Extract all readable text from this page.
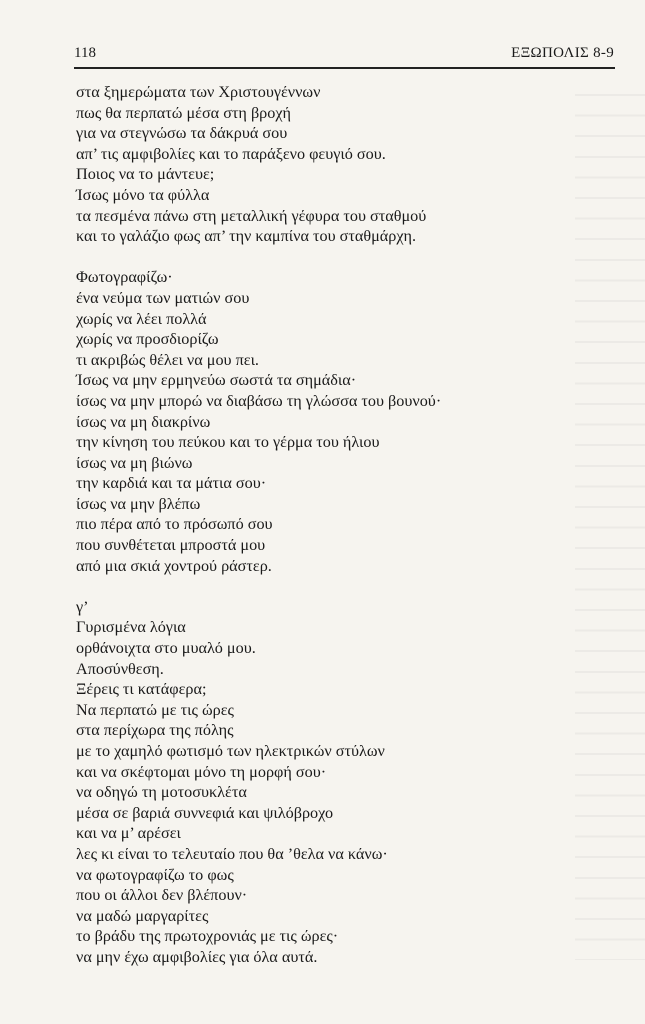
118	ΕΞΩΠΟΛΙΣ 8-9
στα ξημερώματα των Χριστουγέννων
πως θα περπατώ μέσα στη βροχή
για να στεγνώσω τα δάκρυά σου
απ’ τις αμφιβολίες και το παράξενο φευγιό σου.
Ποιος να το μάντευε;
Ίσως μόνο τα φύλλα
τα πεσμένα πάνω στη μεταλλική γέφυρα του σταθμού
και το γαλάζιο φως απ’ την καμπίνα του σταθμάρχη.
Φωτογραφίζω·
ένα νεύμα των ματιών σου
χωρίς να λέει πολλά
χωρίς να προσδιορίζω
τι ακριβώς θέλει να μου πει.
Ίσως να μην ερμηνεύω σωστά τα σημάδια·
ίσως να μην μπορώ να διαβάσω τη γλώσσα του βουνού·
ίσως να μη διακρίνω
την κίνηση του πεύκου και το γέρμα του ήλιου
ίσως να μη βιώνω
την καρδιά και τα μάτια σου·
ίσως να μην βλέπω
πιο πέρα από το πρόσωπό σου
που συνθέτεται μπροστά μου
από μια σκιά χοντρού ράστερ.
γ’
Γυρισμένα λόγια
ορθάνοιχτα στο μυαλό μου.
Αποσύνθεση.
Ξέρεις τι κατάφερα;
Να περπατώ με τις ώρες
στα περίχωρα της πόλης
με το χαμηλό φωτισμό των ηλεκτρικών στύλων
και να σκέφτομαι μόνο τη μορφή σου·
να οδηγώ τη μοτοσυκλέτα
μέσα σε βαριά συννεφιά και ψιλόβροχο
και να μ’ αρέσει
λες κι είναι το τελευταίο που θα ’θελα να κάνω·
να φωτογραφίζω το φως
που οι άλλοι δεν βλέπουν·
να μαδώ μαργαρίτες
το βράδυ της πρωτοχρονιάς με τις ώρες·
να μην έχω αμφιβολίες για όλα αυτά.
